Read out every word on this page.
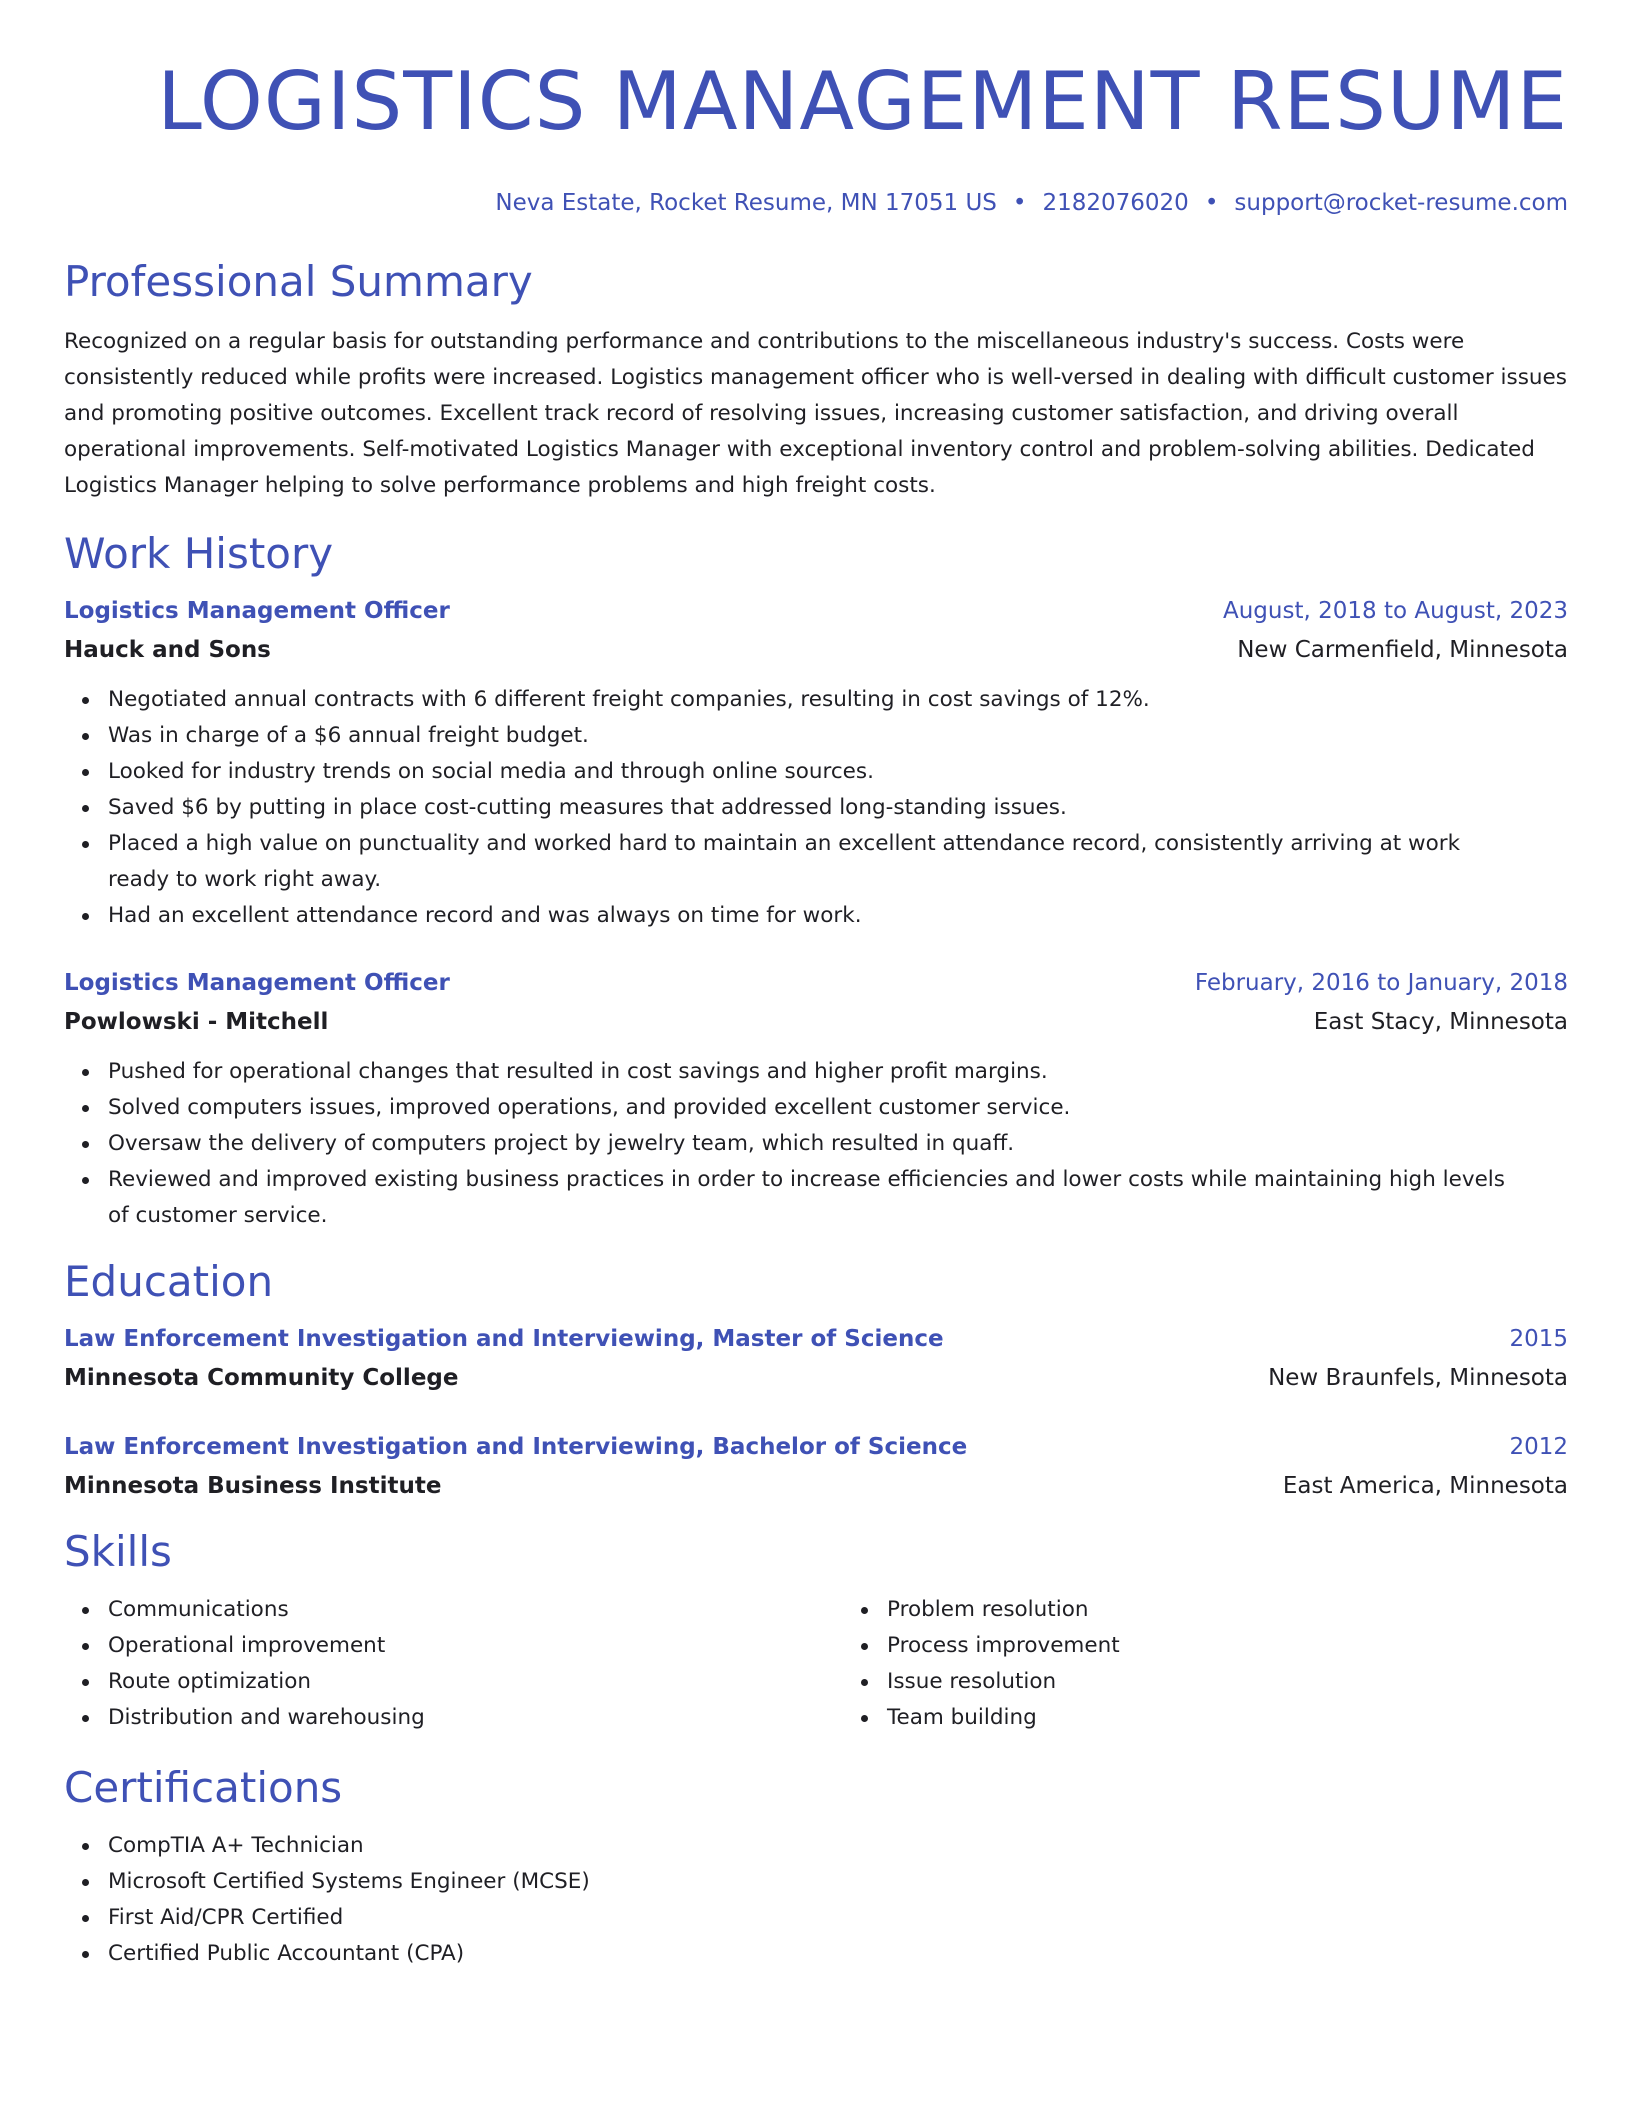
LOGISTICS MANAGEMENT RESUME
Neva Estate, Rocket Resume, MN 17051 US • 2182076020 • support@rocket-resume.com
Professional Summary

Recognized on a regular basis for outstanding performance and contributions to the miscellaneous industry's success. Costs were consistently reduced while profits were increased. Logistics management officer who is well-versed in dealing with difficult customer issues and promoting positive outcomes. Excellent track record of resolving issues, increasing customer satisfaction, and driving overall operational improvements. Self-motivated Logistics Manager with exceptional inventory control and problem-solving abilities. Dedicated Logistics Manager helping to solve performance problems and high freight costs.

Work History
Logistics Management Officer	August, 2018 to August, 2023
Hauck and Sons	New Carmenfield, Minnesota
Negotiated annual contracts with 6 different freight companies, resulting in cost savings of 12%.
Was in charge of a $6 annual freight budget.
Looked for industry trends on social media and through online sources.
Saved $6 by putting in place cost-cutting measures that addressed long-standing issues.
Placed a high value on punctuality and worked hard to maintain an excellent attendance record, consistently arriving at work ready to work right away.
Had an excellent attendance record and was always on time for work.
Logistics Management Officer	February, 2016 to January, 2018
Powlowski - Mitchell	East Stacy, Minnesota
Pushed for operational changes that resulted in cost savings and higher profit margins.
Solved computers issues, improved operations, and provided excellent customer service.
Oversaw the delivery of computers project by jewelry team, which resulted in quaff.
Reviewed and improved existing business practices in order to increase efficiencies and lower costs while maintaining high levels of customer service.
Education
Law Enforcement Investigation and Interviewing, Master of Science	2015
Minnesota Community College	New Braunfels, Minnesota
Law Enforcement Investigation and Interviewing, Bachelor of Science	2012
Minnesota Business Institute	East America, Minnesota
Skills
Communications
Operational improvement
Route optimization
Distribution and warehousing
Problem resolution
Process improvement
Issue resolution
Team building
Certifications
CompTIA A+ Technician
Microsoft Certified Systems Engineer (MCSE)
First Aid/CPR Certified
Certified Public Accountant (CPA)
